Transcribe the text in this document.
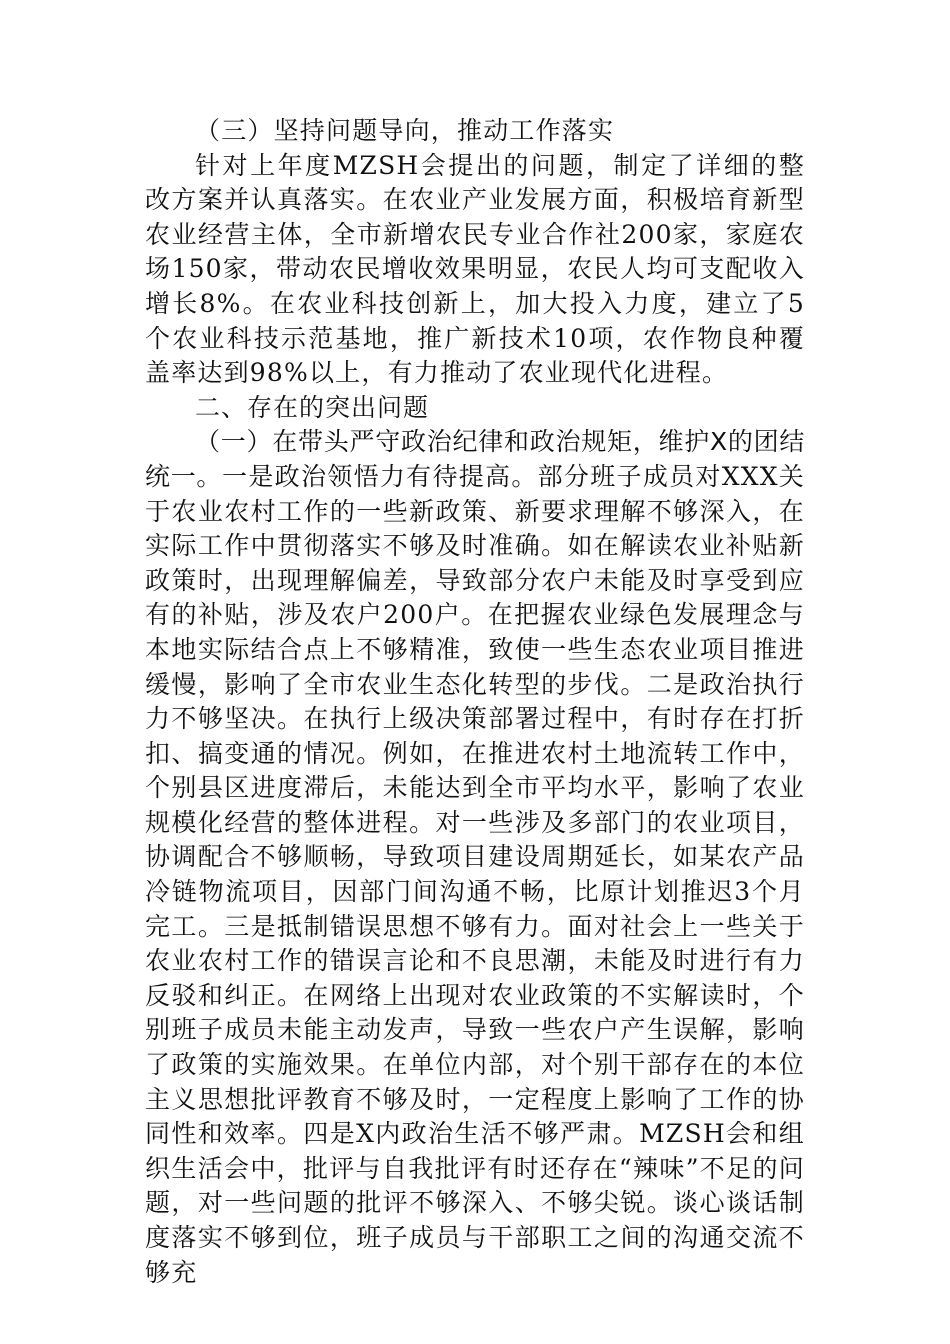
（三）坚持问题导向，推动工作落实

针对上年度MZSH会提出的问题，制定了详细的整改方案并认真落实。在农业产业发展方面，积极培育新型农业经营主体，全市新增农民专业合作社200家，家庭农场150家，带动农民增收效果明显，农民人均可支配收入增长8%。在农业科技创新上，加大投入力度，建立了5个农业科技示范基地，推广新技术10项，农作物良种覆盖率达到98%以上，有力推动了农业现代化进程。

二、存在的突出问题

（一）在带头严守政治纪律和政治规矩，维护X的团结统一。一是政治领悟力有待提高。部分班子成员对XXX关于农业农村工作的一些新政策、新要求理解不够深入，在实际工作中贯彻落实不够及时准确。如在解读农业补贴新政策时，出现理解偏差，导致部分农户未能及时享受到应有的补贴，涉及农户200户。在把握农业绿色发展理念与本地实际结合点上不够精准，致使一些生态农业项目推进缓慢，影响了全市农业生态化转型的步伐。二是政治执行力不够坚决。在执行上级决策部署过程中，有时存在打折扣、搞变通的情况。例如，在推进农村土地流转工作中，个别县区进度滞后，未能达到全市平均水平，影响了农业规模化经营的整体进程。对一些涉及多部门的农业项目，协调配合不够顺畅，导致项目建设周期延长，如某农产品冷链物流项目，因部门间沟通不畅，比原计划推迟3个月完工。三是抵制错误思想不够有力。面对社会上一些关于农业农村工作的错误言论和不良思潮，未能及时进行有力反驳和纠正。在网络上出现对农业政策的不实解读时，个别班子成员未能主动发声，导致一些农户产生误解，影响了政策的实施效果。在单位内部，对个别干部存在的本位主义思想批评教育不够及时，一定程度上影响了工作的协同性和效率。四是X内政治生活不够严肃。MZSH会和组织生活会中，批评与自我批评有时还存在“辣味”不足的问题，对一些问题的批评不够深入、不够尖锐。谈心谈话制度落实不够到位，班子成员与干部职工之间的沟通交流不够充
